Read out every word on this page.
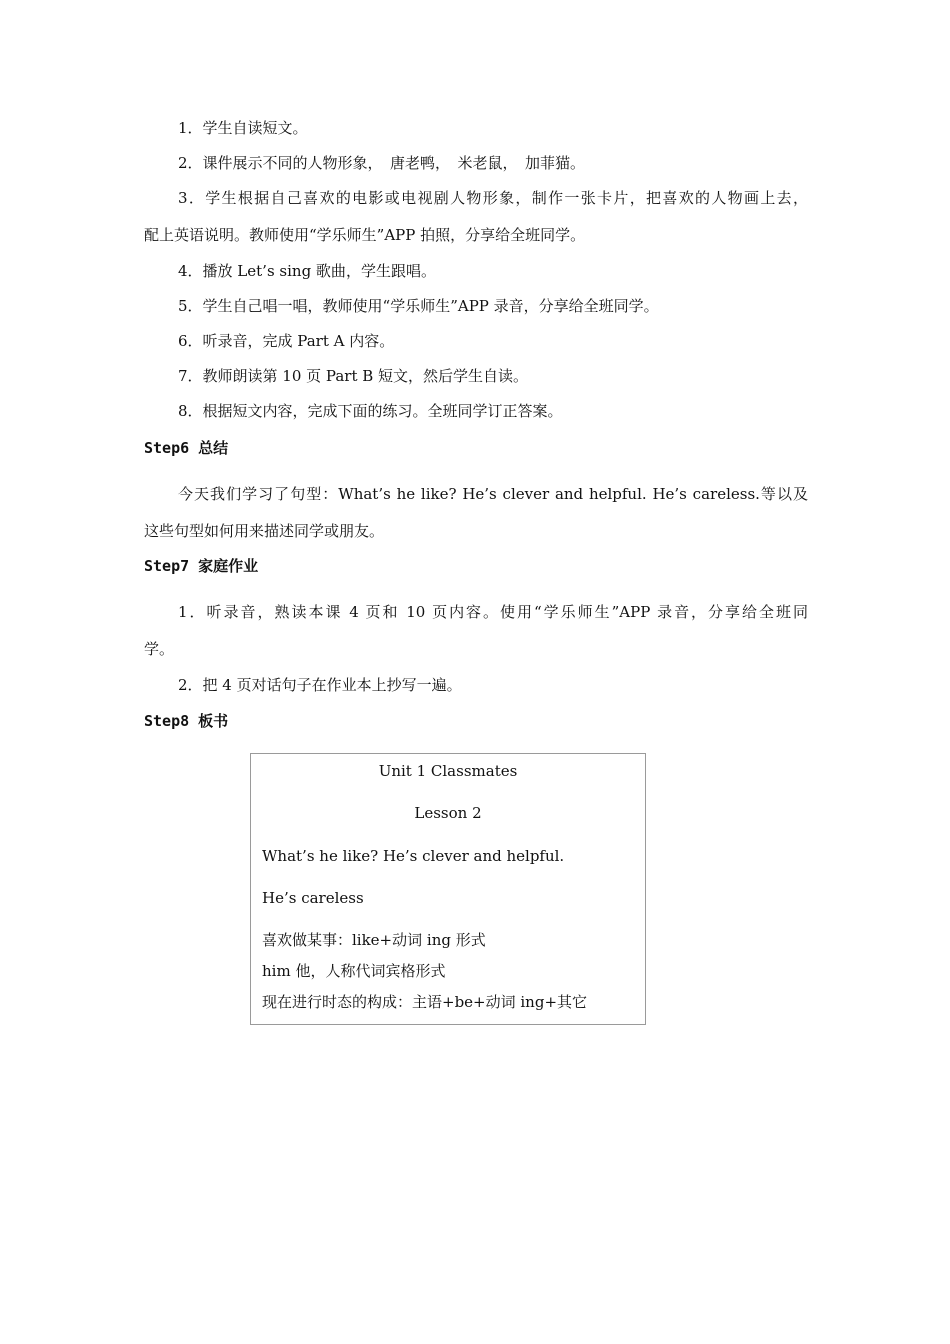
1．学生自读短文。
2．课件展示不同的人物形象，　唐老鸭，　米老鼠，　加菲猫。
3．学生根据自己喜欢的电影或电视剧人物形象，制作一张卡片，把喜欢的人物画上去，
配上英语说明。教师使用“学乐师生”APP 拍照，分享给全班同学。
4．播放 Let’s sing 歌曲，学生跟唱。
5．学生自己唱一唱，教师使用“学乐师生”APP 录音，分享给全班同学。
6．听录音，完成 Part A 内容。
7．教师朗读第 10 页 Part B 短文，然后学生自读。
8．根据短文内容，完成下面的练习。全班同学订正答案。
Step6 总结
今天我们学习了句型：What’s he like? He’s clever and helpful. He’s careless.等以及
这些句型如何用来描述同学或朋友。
Step7 家庭作业
1．听录音，熟读本课 4 页和 10 页内容。使用“学乐师生”APP 录音，分享给全班同
学。
2．把 4 页对话句子在作业本上抄写一遍。
Step8 板书
Unit 1 Classmates
Lesson 2
What’s he like? He’s clever and helpful.
He’s careless
喜欢做某事：like+动词 ing 形式
him 他，人称代词宾格形式
现在进行时态的构成：主语+be+动词 ing+其它
